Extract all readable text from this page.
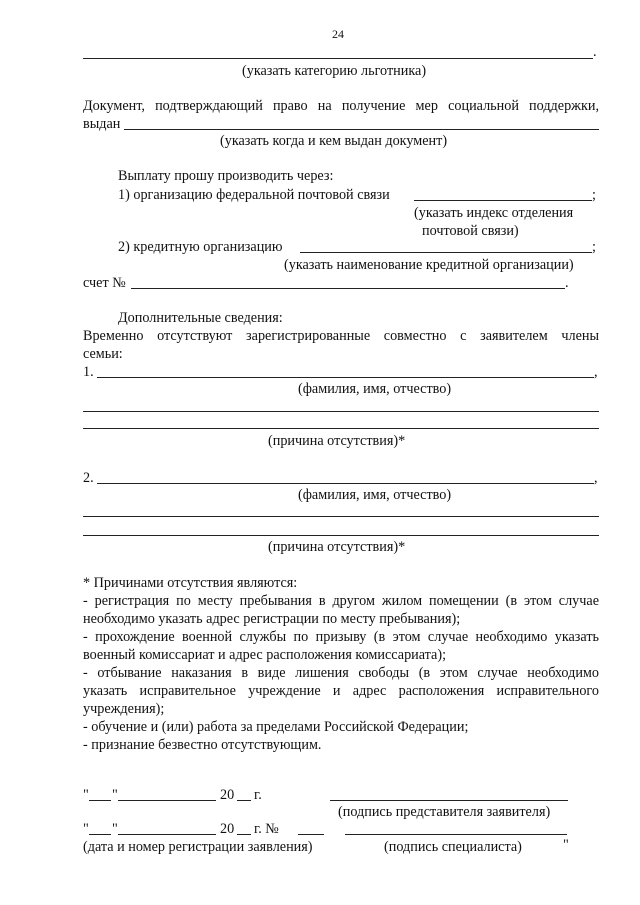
24
.
(указать категорию льготника)
Документ, подтверждающий право на получение мер социальной поддержки,
выдан
(указать когда и кем выдан документ)
Выплату прошу производить через:
1) организацию федеральной почтовой связи	;
(указать индекс отделения
почтовой связи)
2) кредитную организацию	;
(указать наименование кредитной организации)
счет №	.
Дополнительные сведения:
Временно отсутствуют зарегистрированные совместно с заявителем члены
семьи:
1.	,
(фамилия, имя, отчество)
(причина отсутствия)*
2.	,
(фамилия, имя, отчество)
(причина отсутствия)*
* Причинами отсутствия являются:
- регистрация по месту пребывания в другом жилом помещении (в этом случае
необходимо указать адрес регистрации по месту пребывания);
- прохождение военной службы по призыву (в этом случае необходимо указать
военный комиссариат и адрес расположения комиссариата);
- отбывание наказания в виде лишения свободы (в этом случае необходимо
указать исправительное учреждение и адрес расположения исправительного
учреждения);
- обучение и (или) работа за пределами Российской Федерации;
- признание безвестно отсутствующим.
" "	20 г.
(подпись представителя заявителя)
" "	20 г. №
(дата и номер регистрации заявления)	(подпись специалиста)	"
